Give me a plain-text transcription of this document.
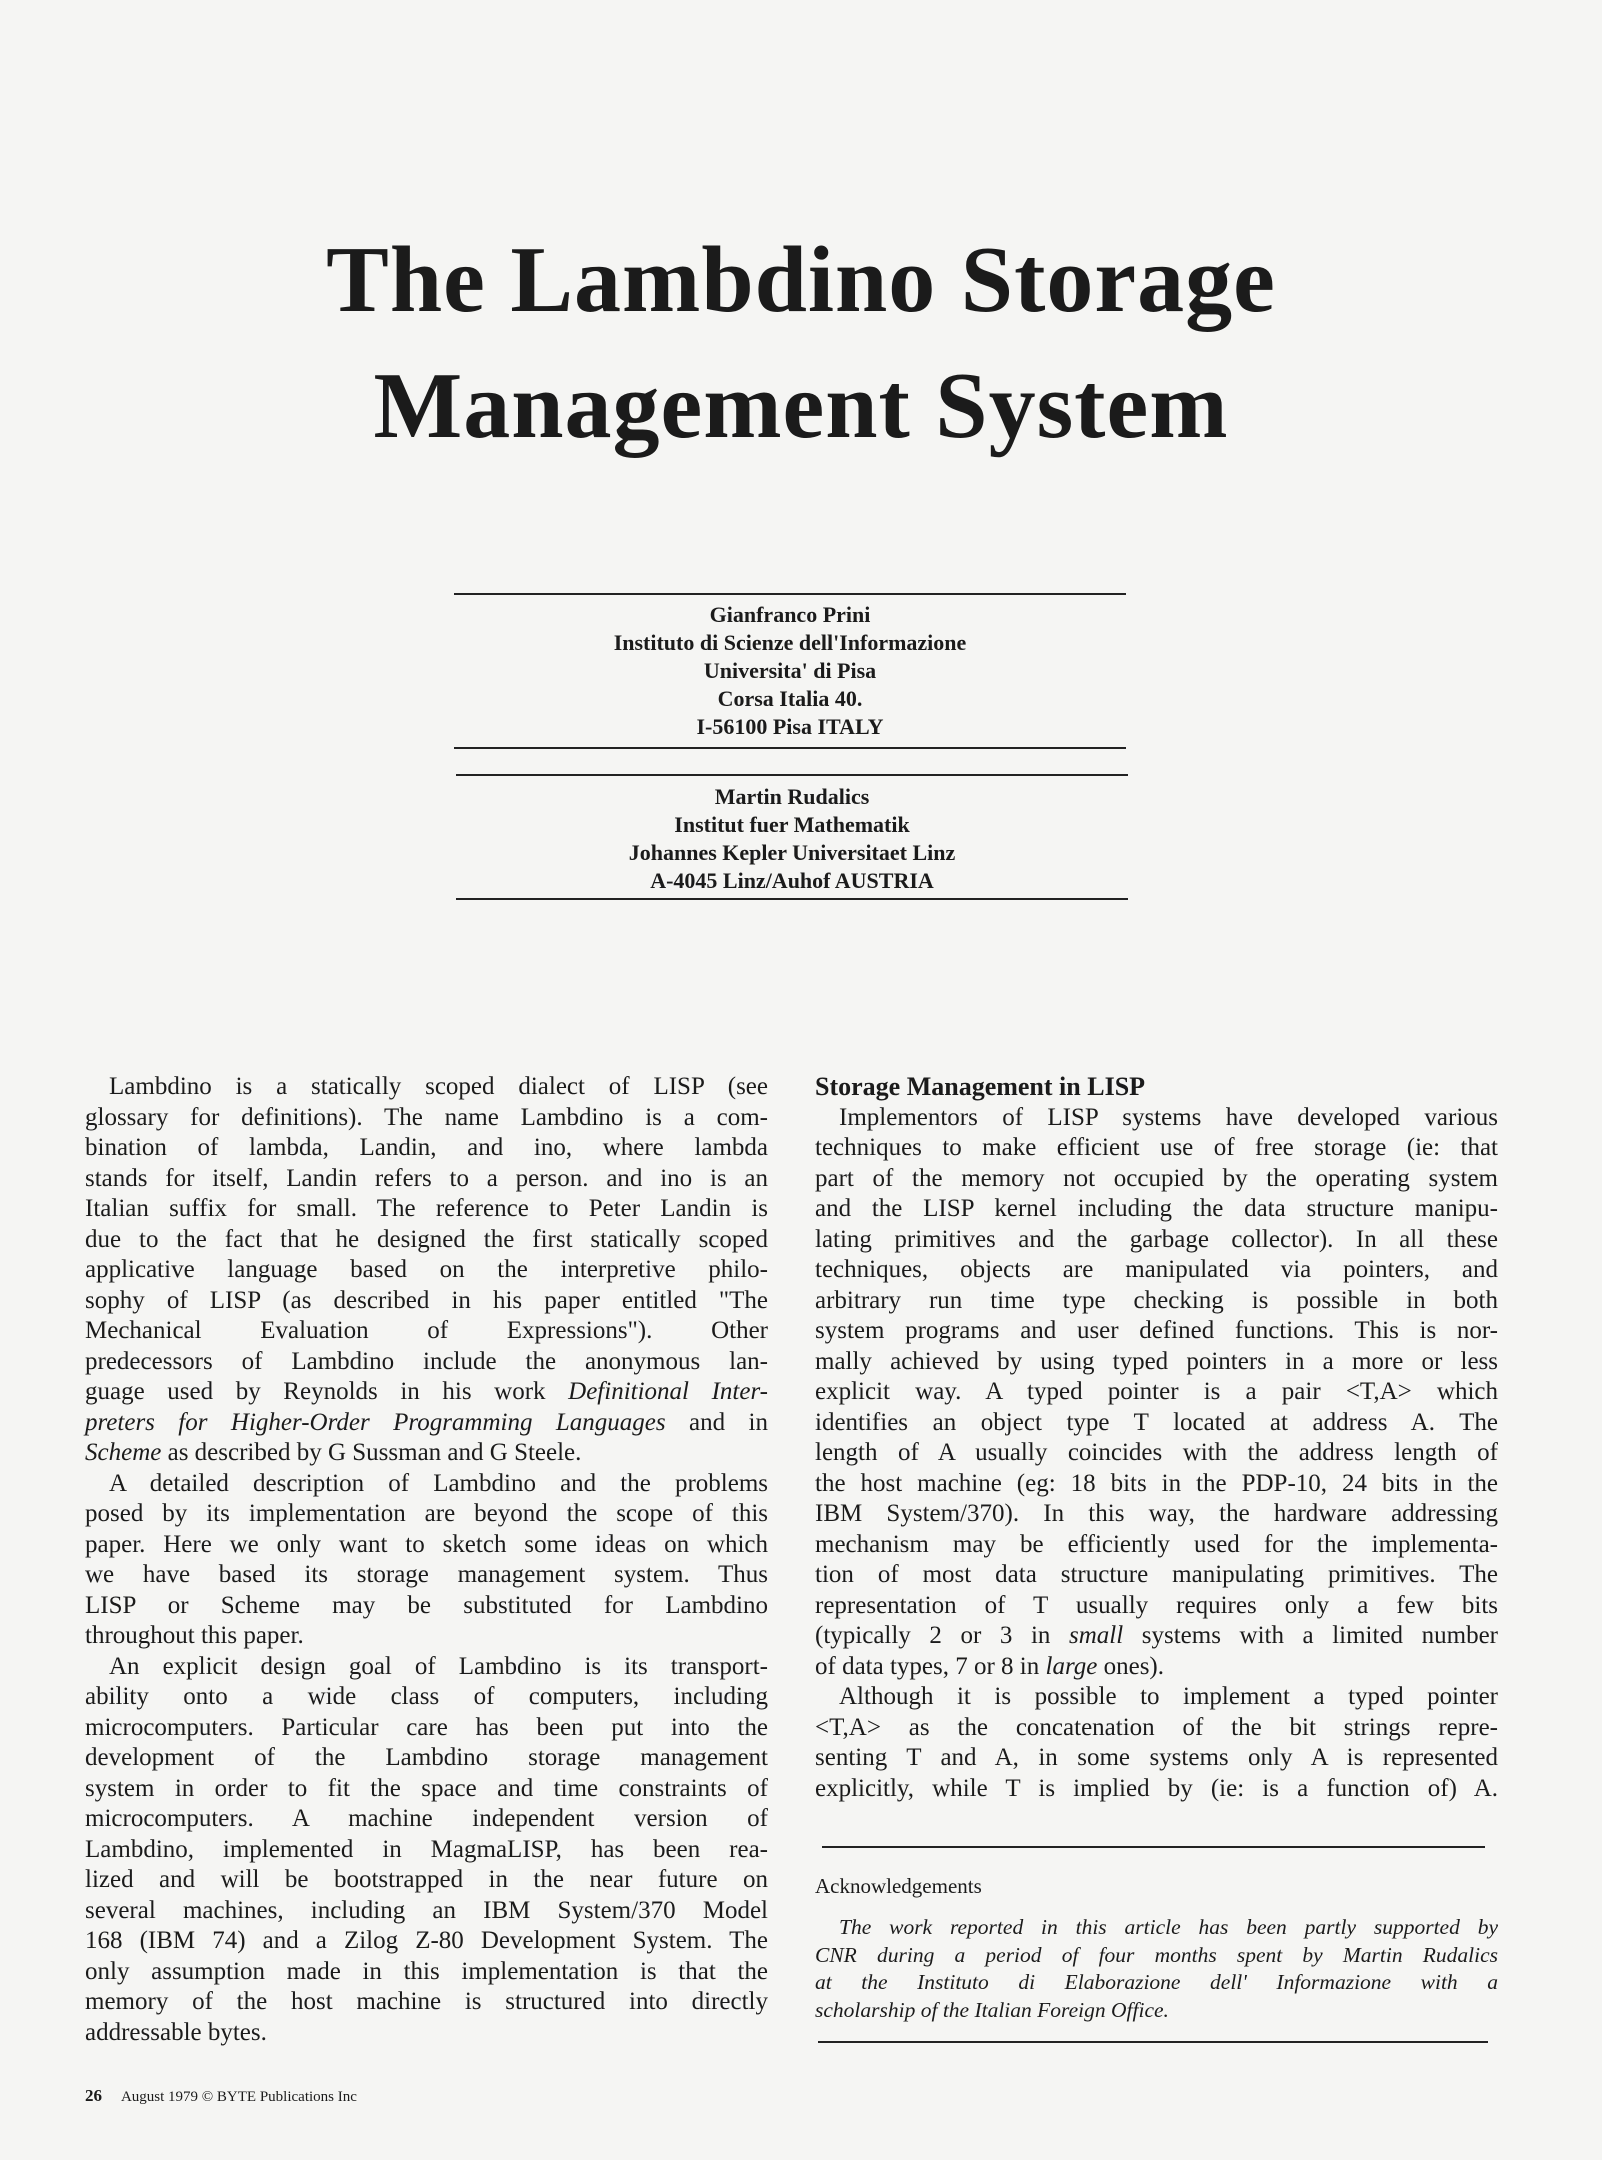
The Lambdino Storage
Management System
Gianfranco Prini
Instituto di Scienze dell'Informazione
Universita' di Pisa
Corsa Italia 40.
I-56100 Pisa ITALY
Martin Rudalics
Institut fuer Mathematik
Johannes Kepler Universitaet Linz
A-4045 Linz/Auhof AUSTRIA
Lambdino is a statically scoped dialect of LISP (see
glossary for definitions). The name Lambdino is a com-
bination of lambda, Landin, and ino, where lambda
stands for itself, Landin refers to a person. and ino is an
Italian suffix for small. The reference to Peter Landin is
due to the fact that he designed the first statically scoped
applicative language based on the interpretive philo-
sophy of LISP (as described in his paper entitled "The
Mechanical Evaluation of Expressions"). Other
predecessors of Lambdino include the anonymous lan-
guage used by Reynolds in his work Definitional Inter-
preters for Higher-Order Programming Languages and in
Scheme as described by G Sussman and G Steele.
A detailed description of Lambdino and the problems
posed by its implementation are beyond the scope of this
paper. Here we only want to sketch some ideas on which
we have based its storage management system. Thus
LISP or Scheme may be substituted for Lambdino
throughout this paper.
An explicit design goal of Lambdino is its transport-
ability onto a wide class of computers, including
microcomputers. Particular care has been put into the
development of the Lambdino storage management
system in order to fit the space and time constraints of
microcomputers. A machine independent version of
Lambdino, implemented in MagmaLISP, has been rea-
lized and will be bootstrapped in the near future on
several machines, including an IBM System/370 Model
168 (IBM 74) and a Zilog Z-80 Development System. The
only assumption made in this implementation is that the
memory of the host machine is structured into directly
addressable bytes.
Storage Management in LISP
Implementors of LISP systems have developed various
techniques to make efficient use of free storage (ie: that
part of the memory not occupied by the operating system
and the LISP kernel including the data structure manipu-
lating primitives and the garbage collector). In all these
techniques, objects are manipulated via pointers, and
arbitrary run time type checking is possible in both
system programs and user defined functions. This is nor-
mally achieved by using typed pointers in a more or less
explicit way. A typed pointer is a pair <T,A> which
identifies an object type T located at address A. The
length of A usually coincides with the address length of
the host machine (eg: 18 bits in the PDP-10, 24 bits in the
IBM System/370). In this way, the hardware addressing
mechanism may be efficiently used for the implementa-
tion of most data structure manipulating primitives. The
representation of T usually requires only a few bits
(typically 2 or 3 in small systems with a limited number
of data types, 7 or 8 in large ones).
Although it is possible to implement a typed pointer
<T,A> as the concatenation of the bit strings repre-
senting T and A, in some systems only A is represented
explicitly, while T is implied by (ie: is a function of) A.
Acknowledgements
The work reported in this article has been partly supported by
CNR during a period of four months spent by Martin Rudalics
at the Instituto di Elaborazione dell' Informazione with a
scholarship of the Italian Foreign Office.
26 August 1979 © BYTE Publications Inc
